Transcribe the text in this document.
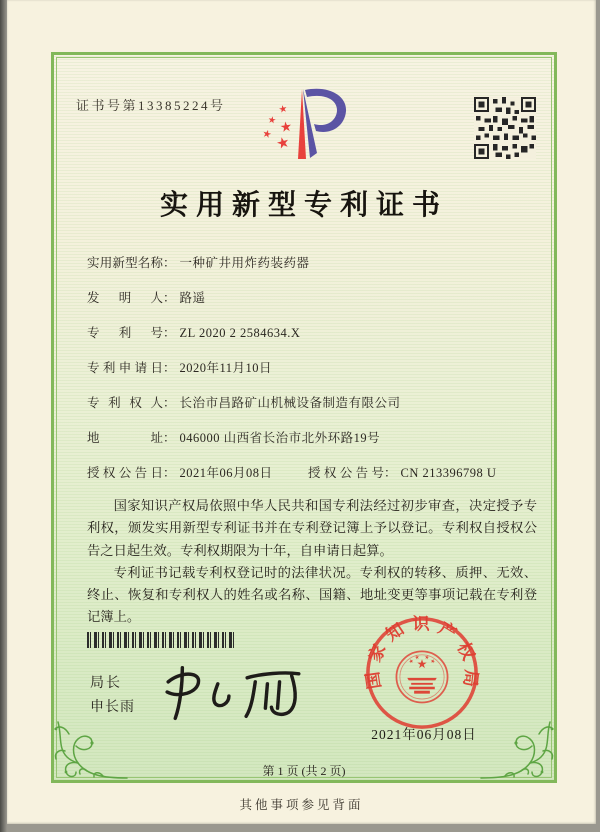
证书号第13385224号
实用新型专利证书
实用新型名称： 一种矿井用炸药装药器
发明人： 路遥
专利号： ZL 2020 2 2584634.X
专利申请日： 2020年11月10日
专利权人： 长治市昌路矿山机械设备制造有限公司
地址： 046000 山西省长治市北外环路19号
授权公告日： 2021年06月08日	授权公告号： CN 213396798 U

国家知识产权局依照中华人民共和国专利法经过初步审查，决定授予专利权，颁发实用新型专利证书并在专利登记簿上予以登记。专利权自授权公告之日起生效。专利权期限为十年，自申请日起算。

专利证书记载专利权登记时的法律状况。专利权的转移、质押、无效、终止、恢复和专利权人的姓名或名称、国籍、地址变更等事项记载在专利登记簿上。

局长
申长雨
国家知识产权局
2021年06月08日
第 1 页 (共 2 页)
其他事项参见背面
